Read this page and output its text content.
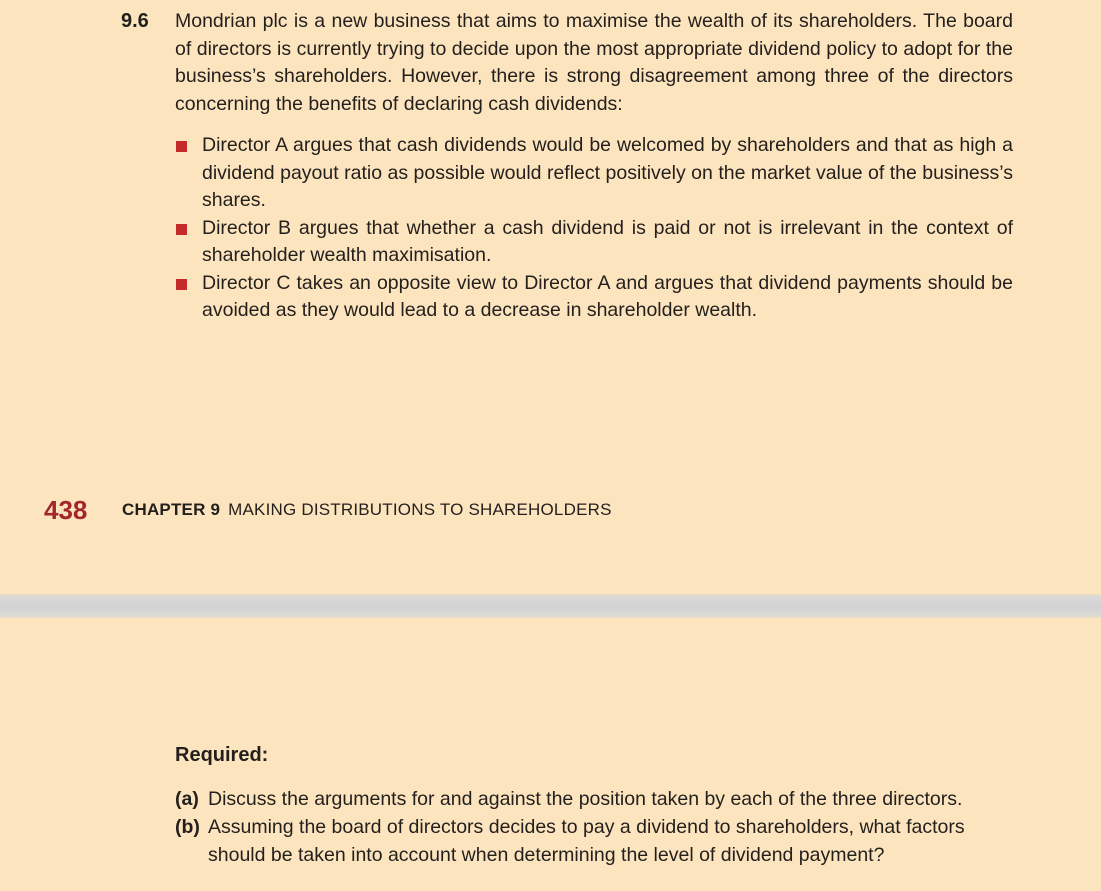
9.6 Mondrian plc is a new business that aims to maximise the wealth of its shareholders. The board of directors is currently trying to decide upon the most appropriate dividend policy to adopt for the business’s shareholders. However, there is strong disagreement among three of the directors concerning the benefits of declaring cash dividends:
Director A argues that cash dividends would be welcomed by shareholders and that as high a dividend payout ratio as possible would reflect positively on the market value of the business’s shares.
Director B argues that whether a cash dividend is paid or not is irrelevant in the context of shareholder wealth maximisation.
Director C takes an opposite view to Director A and argues that dividend payments should be avoided as they would lead to a decrease in shareholder wealth.
438	CHAPTER 9 MAKING DISTRIBUTIONS TO SHAREHOLDERS
Required:
(a) Discuss the arguments for and against the position taken by each of the three directors.
(b) Assuming the board of directors decides to pay a dividend to shareholders, what factors should be taken into account when determining the level of dividend payment?
